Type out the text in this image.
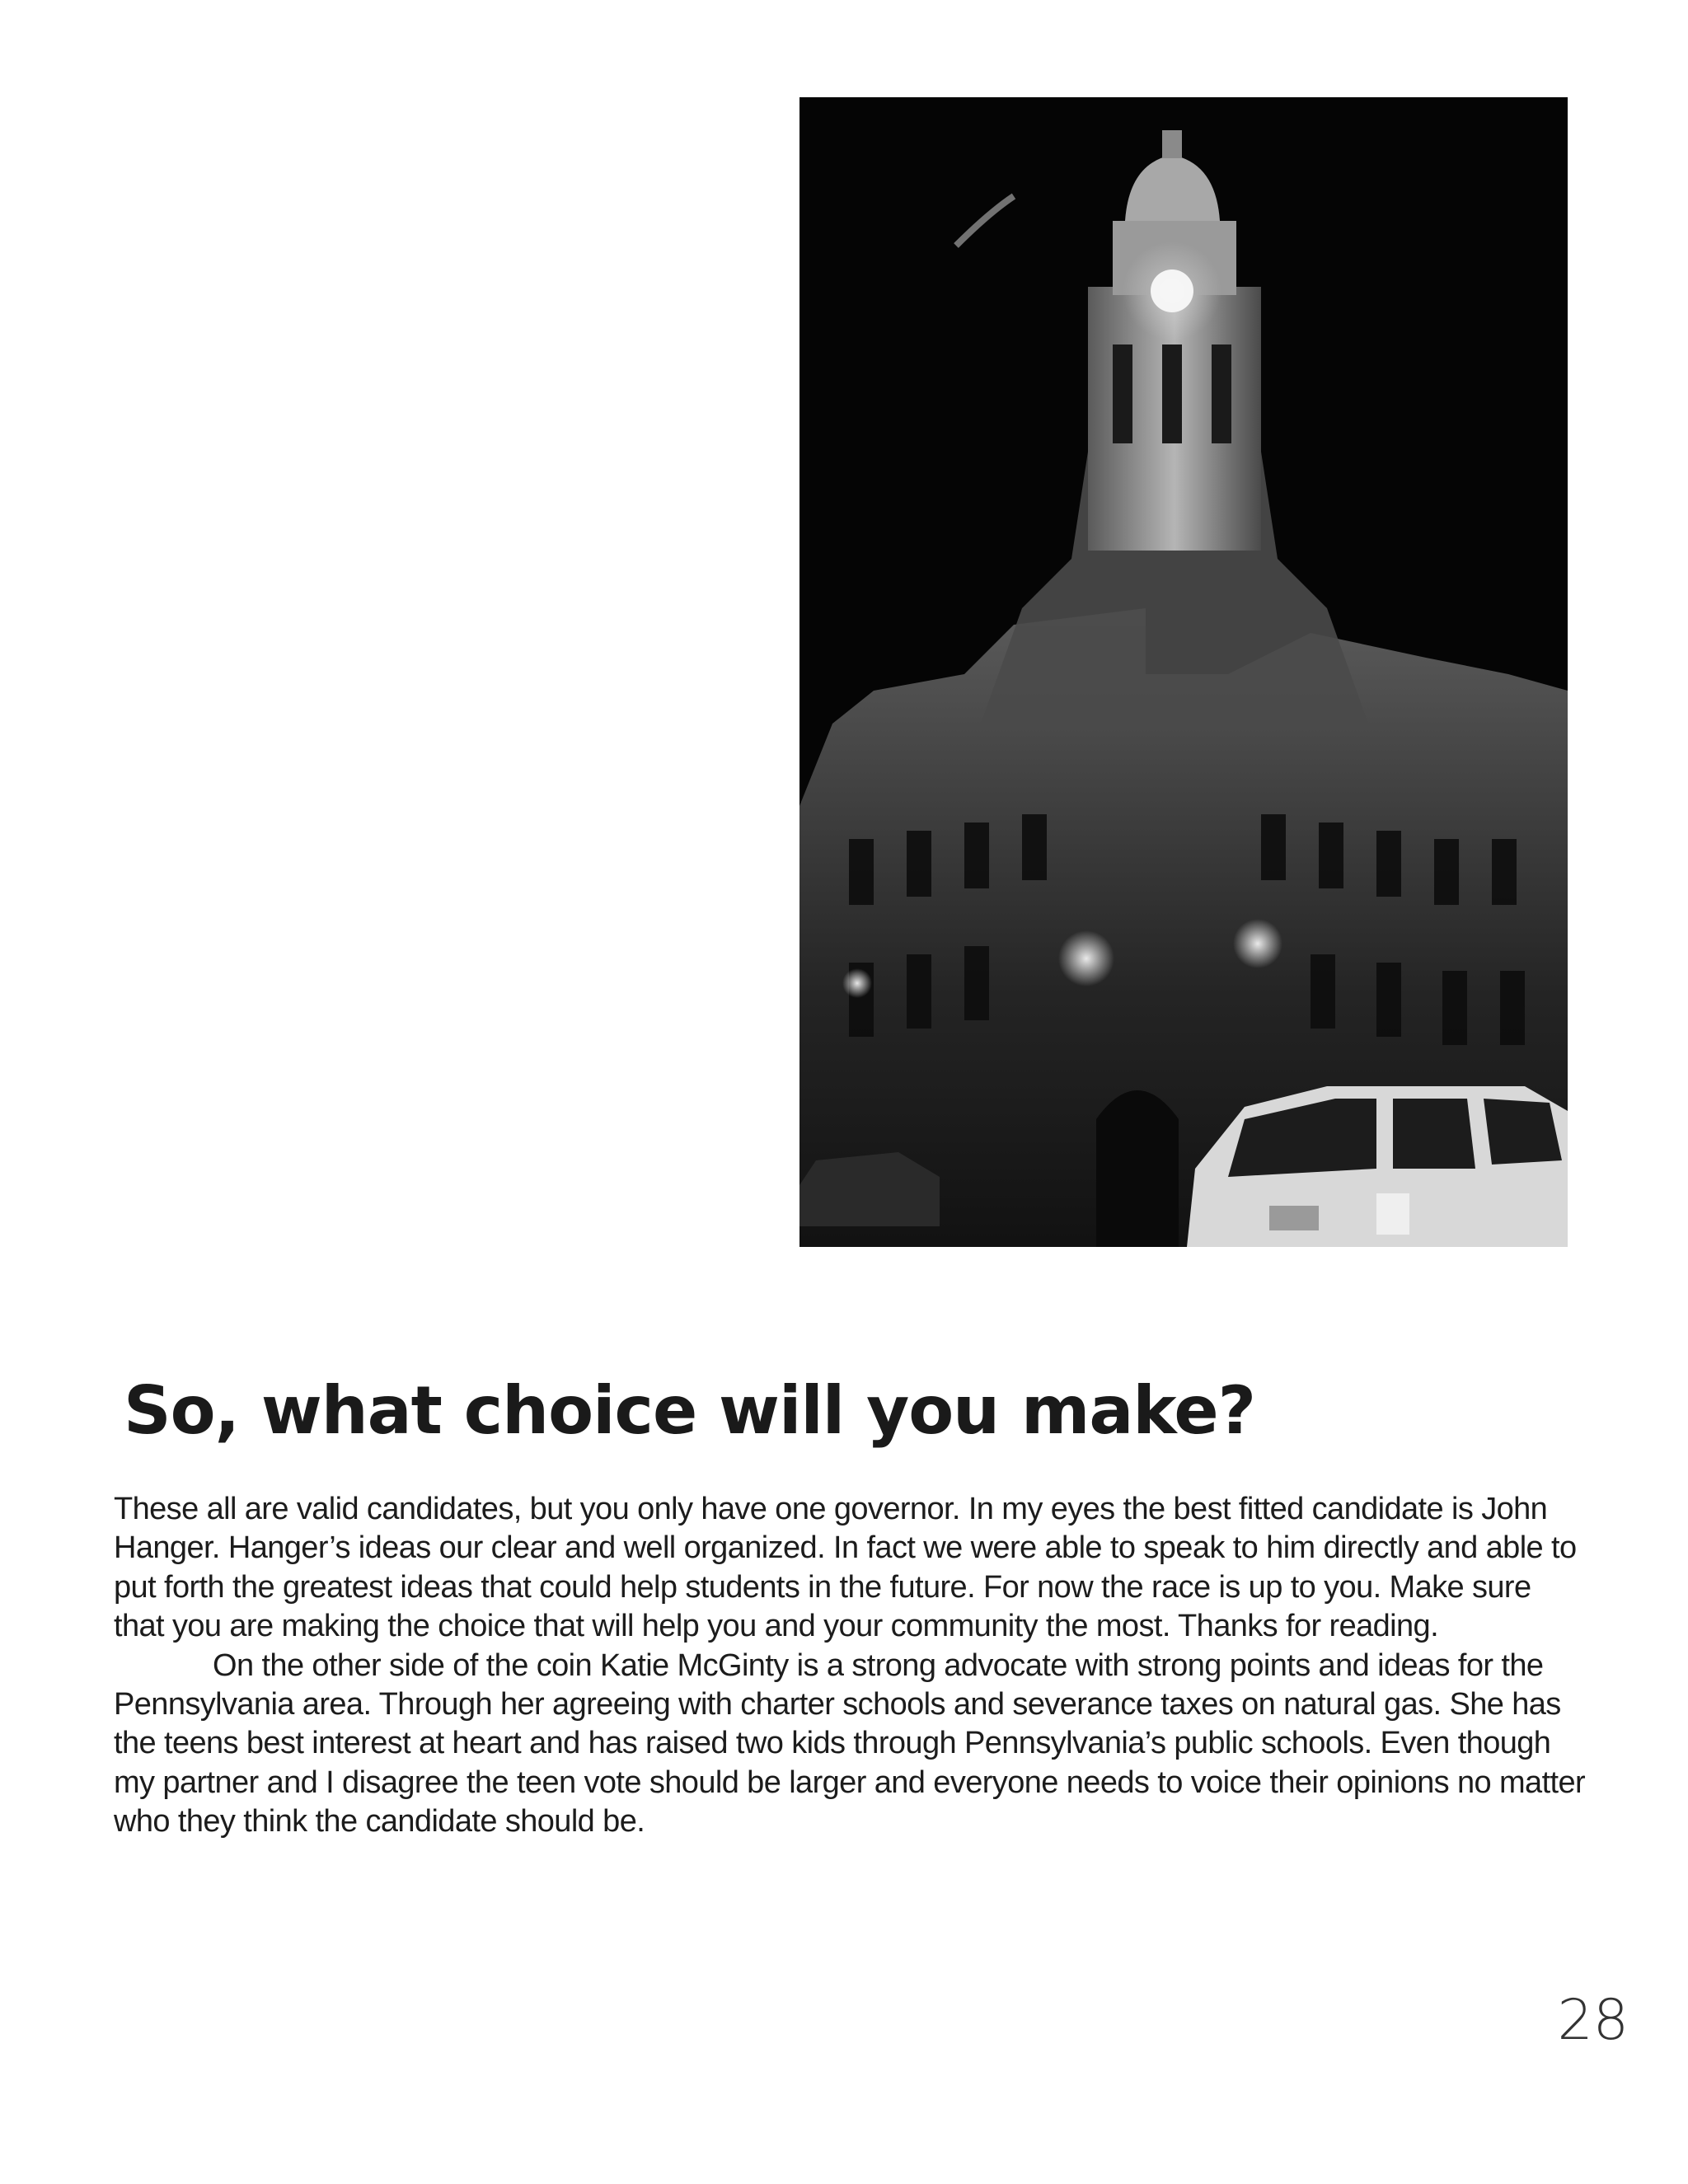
So, what choice will you make?

These all are valid candidates, but you only have one governor. In my eyes the best fitted candidate is John Hanger. Hanger’s ideas our clear and well organized. In fact we were able to speak to him directly and able to put forth the greatest ideas that could help students in the future. For now the race is up to you. Make sure that you are making the choice that will help you and your community the most. Thanks for reading.

On the other side of the coin Katie McGinty is a strong advocate with strong points and ideas for the Pennsylvania area. Through her agreeing with charter schools and severance taxes on natural gas. She has the teens best interest at heart and has raised two kids through Pennsylvania’s public schools. Even though my partner and I disagree the teen vote should be larger and everyone needs to voice their opinions no matter who they think the candidate should be.

28
